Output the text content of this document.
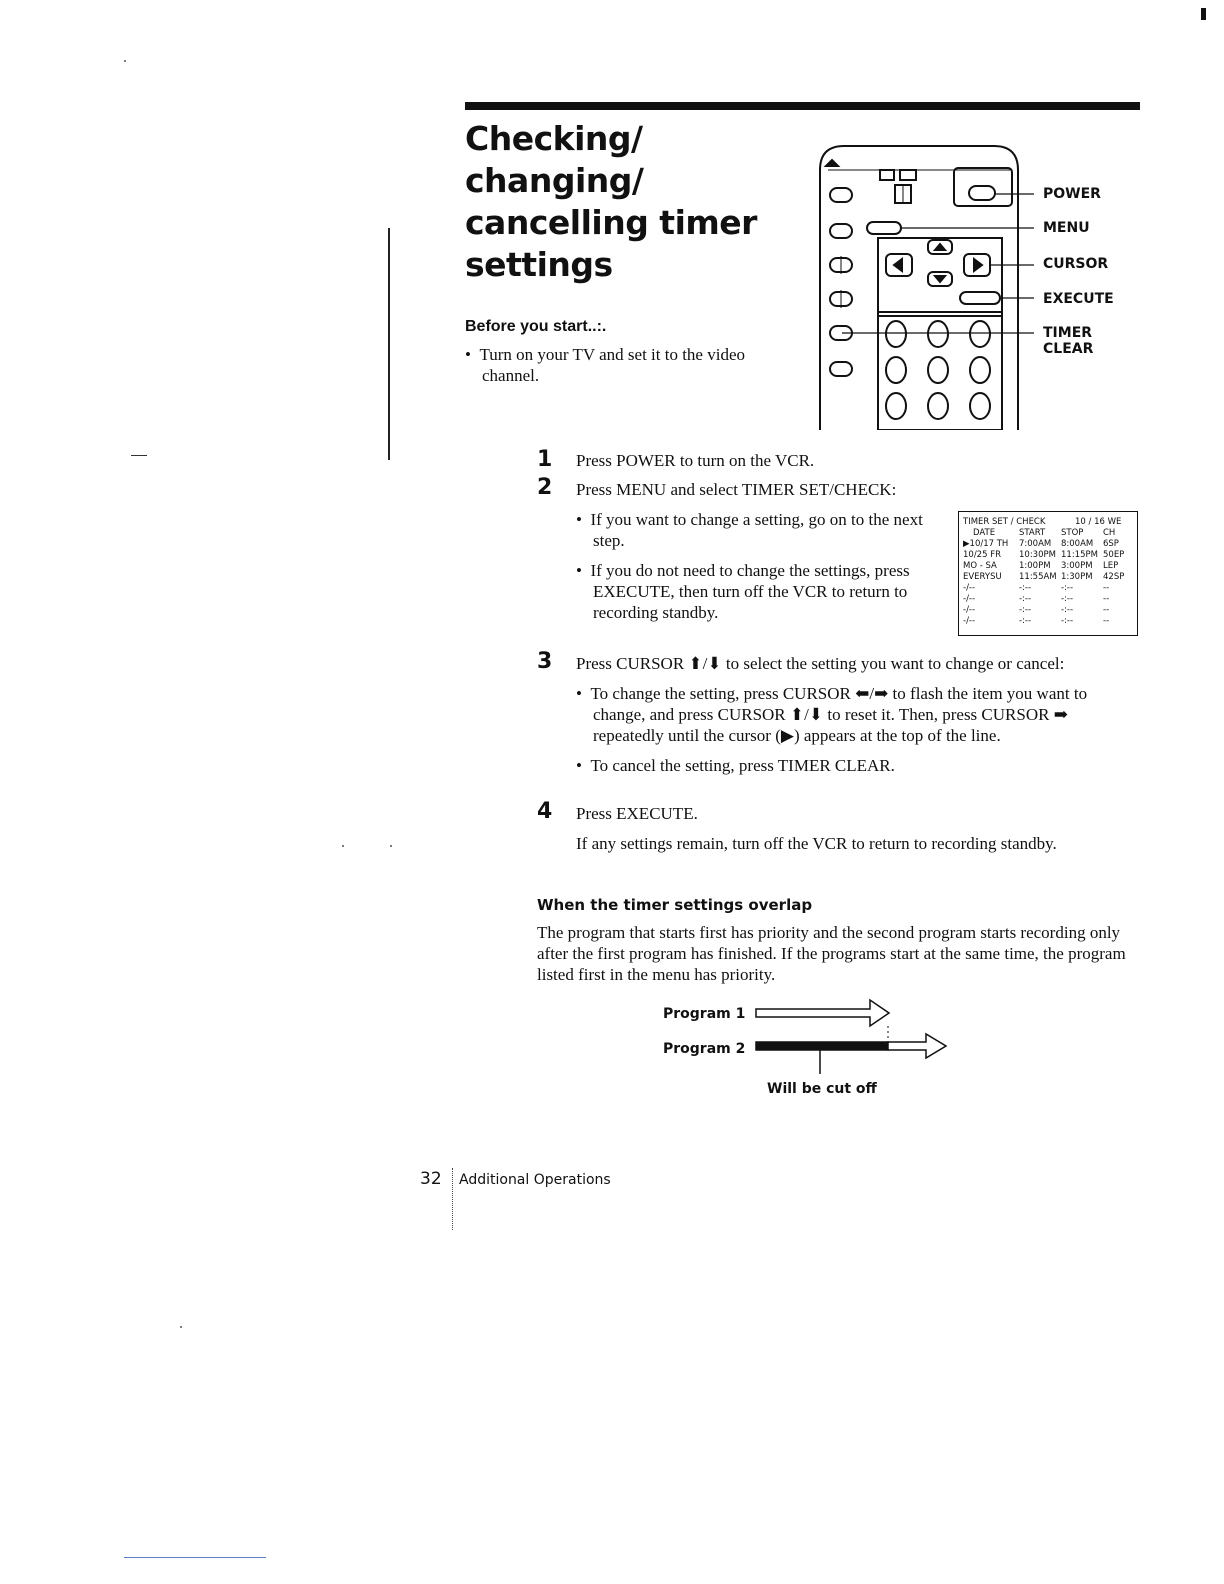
Checking/
changing/
cancelling timer
settings
Before you start..:.
•  Turn on your TV and set it to the video channel.
POWER
MENU
CURSOR
EXECUTE
TIMER CLEAR
1 Press POWER to turn on the VCR.
2 Press MENU and select TIMER SET/CHECK:
•  If you want to change a setting, go on to the next step.
•  If you do not need to change the settings, press EXECUTE, then turn off the VCR to return to recording standby.
TIMER SET / CHECK	10 / 16 WE
DATE	START	STOP	CH
▶10/17 TH	7:00AM	8:00AM	6SP
10/25 FR	10:30PM 11:15PM 50EP
MO - SA	1:00PM	3:00PM	LEP
EVERYSU	11:55AM 1:30PM	42SP
-/--	-:--	-:--	--
-/--	-:--	-:--	--
-/--	-:--	-:--	--
-/--	-:--	-:--	--
3 Press CURSOR ⬆/⬇ to select the setting you want to change or cancel:
•  To change the setting, press CURSOR ⬅/➡ to flash the item you want to change, and press CURSOR ⬆/⬇ to reset it. Then, press CURSOR ➡ repeatedly until the cursor (▶) appears at the top of the line.
•  To cancel the setting, press TIMER CLEAR.
4 Press EXECUTE.
If any settings remain, turn off the VCR to return to recording standby.
When the timer settings overlap

The program that starts first has priority and the second program starts recording only after the first program has finished. If the programs start at the same time, the program listed first in the menu has priority.

Program 1
Program 2
Will be cut off
32 Additional Operations
